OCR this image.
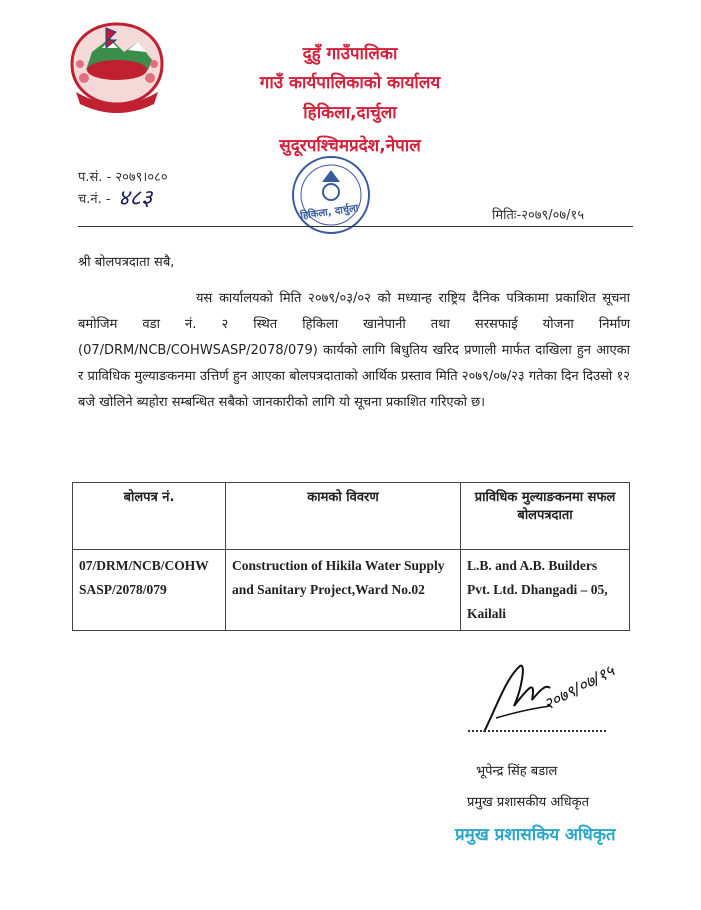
दुहुँ गाउँपालिका
गाउँ कार्यपालिकाको कार्यालय
हिकिला,दार्चुला
सुदूरपश्चिमप्रदेश,नेपाल
प.सं. - २०७९।०८०
च.नं. - ४८३
हिकिला, दार्चुला	मितिः-२०७९/०७/१५
श्री बोलपत्रदाता सबै,
यस कार्यालयको मिति २०७९/०३/०२ को मध्यान्ह राष्ट्रिय दैनिक पत्रिकामा प्रकाशित सूचना बमोजिम वडा नं. २ स्थित हिकिला खानेपानी तथा सरसफाई योजना निर्माण (07/DRM/NCB/COHWSASP/2078/079) कार्यको लागि बिधुतिय खरिद प्रणाली मार्फत दाखिला हुन आएका र प्राविधिक मुल्याङकनमा उत्तिर्ण हुन आएका बोलपत्रदाताको आर्थिक प्रस्ताव मिति २०७९/०७/२३ गतेका दिन दिउसो १२ बजे खोलिने ब्यहोरा सम्बन्धित सबैको जानकारीको लागि यो सूचना प्रकाशित गरिएको छ।
बोलपत्र नं.	कामको विवरण	प्राविधिक मुल्याङकनमा सफल बोलपत्रदाता
07/DRM/NCB/COHW SASP/2078/079	Construction of Hikila Water Supply and Sanitary Project,Ward No.02	L.B. and A.B. Builders Pvt. Ltd. Dhangadi – 05, Kailali
२०७९/०७/१५
भूपेन्द्र सिंह बडाल
प्रमुख प्रशासकीय अधिकृत
प्रमुख प्रशासकिय अधिकृत
